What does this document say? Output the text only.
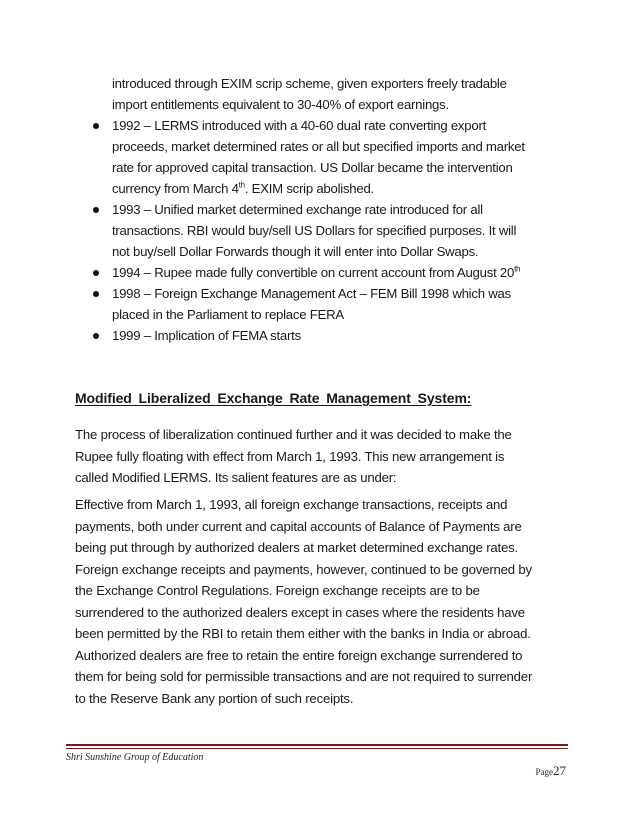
introduced through EXIM scrip scheme, given exporters freely tradable
import entitlements equivalent to 30-40% of export earnings.
1992 – LERMS introduced with a 40-60 dual rate converting export
proceeds, market determined rates or all but specified imports and market
rate for approved capital transaction. US Dollar became the intervention
currency from March 4th. EXIM scrip abolished.
1993 – Unified market determined exchange rate introduced for all
transactions. RBI would buy/sell US Dollars for specified purposes. It will
not buy/sell Dollar Forwards though it will enter into Dollar Swaps.
1994 – Rupee made fully convertible on current account from August 20th
1998 – Foreign Exchange Management Act – FEM Bill 1998 which was
placed in the Parliament to replace FERA
1999 – Implication of FEMA starts
Modified Liberalized Exchange Rate Management System:
The process of liberalization continued further and it was decided to make the
Rupee fully floating with effect from March 1, 1993. This new arrangement is
called Modified LERMS. Its salient features are as under:
Effective from March 1, 1993, all foreign exchange transactions, receipts and
payments, both under current and capital accounts of Balance of Payments are
being put through by authorized dealers at market determined exchange rates.
Foreign exchange receipts and payments, however, continued to be governed by
the Exchange Control Regulations. Foreign exchange receipts are to be
surrendered to the authorized dealers except in cases where the residents have
been permitted by the RBI to retain them either with the banks in India or abroad.
Authorized dealers are free to retain the entire foreign exchange surrendered to
them for being sold for permissible transactions and are not required to surrender
to the Reserve Bank any portion of such receipts.
Shri Sunshine Group of Education
Page27
